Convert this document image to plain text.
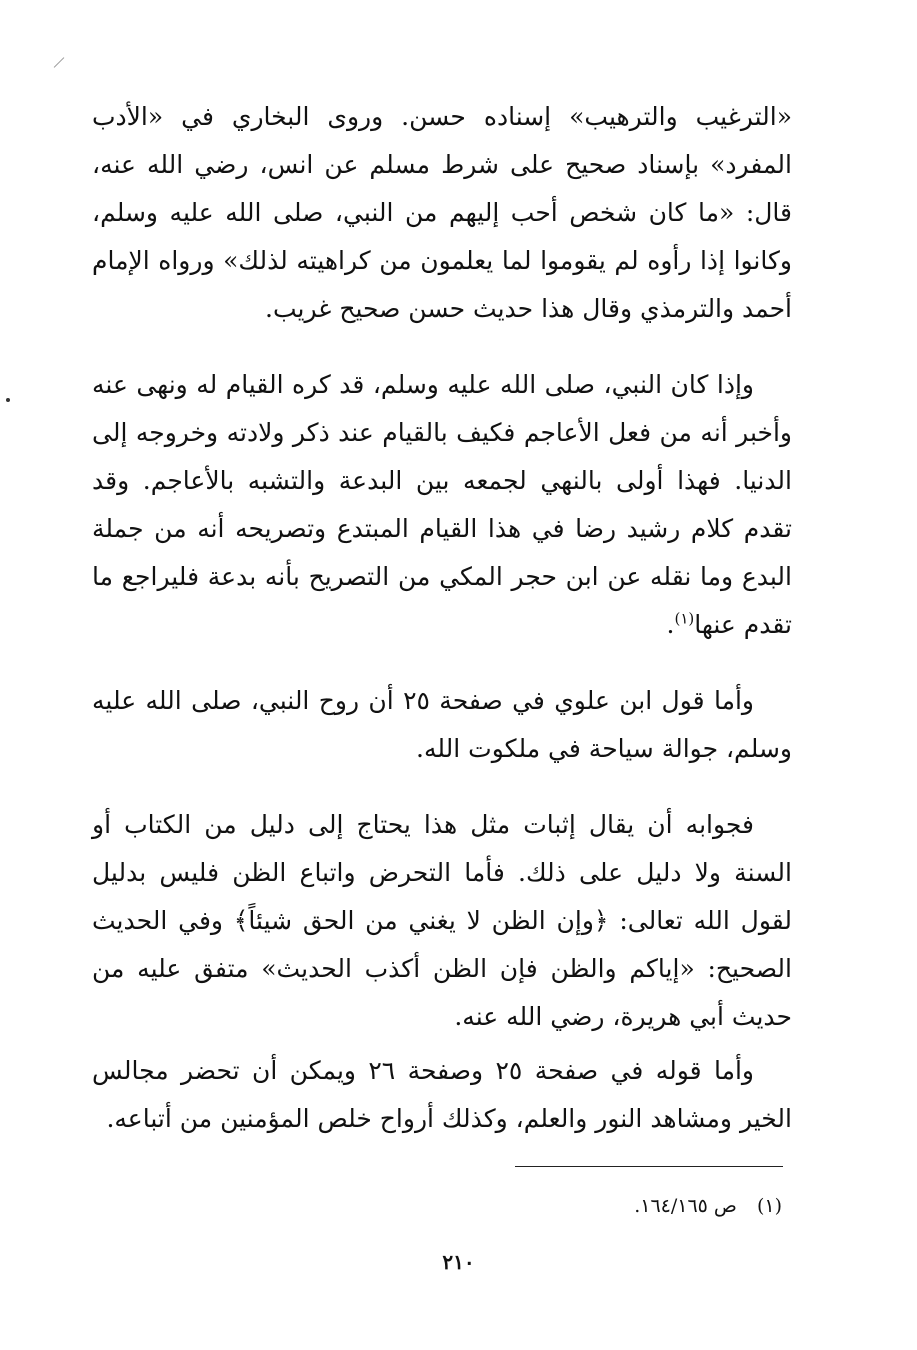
«الترغيب والترهيب» إسناده حسن. وروى البخاري في «الأدب المفرد» بإسناد صحيح على شرط مسلم عن انس، رضي الله عنه، قال: «ما كان شخص أحب إليهم من النبي، صلى الله عليه وسلم، وكانوا إذا رأوه لم يقوموا لما يعلمون من كراهيته لذلك» ورواه الإمام أحمد والترمذي وقال هذا حديث حسن صحيح غريب.

وإذا كان النبي، صلى الله عليه وسلم، قد كره القيام له ونهى عنه وأخبر أنه من فعل الأعاجم فكيف بالقيام عند ذكر ولادته وخروجه إلى الدنيا. فهذا أولى بالنهي لجمعه بين البدعة والتشبه بالأعاجم. وقد تقدم كلام رشيد رضا في هذا القيام المبتدع وتصريحه أنه من جملة البدع وما نقله عن ابن حجر المكي من التصريح بأنه بدعة فليراجع ما تقدم عنها$^{(١)}$.

وأما قول ابن علوي في صفحة ٢٥ أن روح النبي، صلى الله عليه وسلم، جوالة سياحة في ملكوت الله.

فجوابه أن يقال إثبات مثل هذا يحتاج إلى دليل من الكتاب أو السنة ولا دليل على ذلك. فأما التحرض واتباع الظن فليس بدليل لقول الله تعالى: ﴿وإن الظن لا يغني من الحق شيئاً﴾ وفي الحديث الصحيح: «إياكم والظن فإن الظن أكذب الحديث» متفق عليه من حديث أبي هريرة، رضي الله عنه.

وأما قوله في صفحة ٢٥ وصفحة ٢٦ ويمكن أن تحضر مجالس الخير ومشاهد النور والعلم، وكذلك أرواح خلص المؤمنين من أتباعه.

(١) ص ١٦٤/١٦٥.
٢١٠
